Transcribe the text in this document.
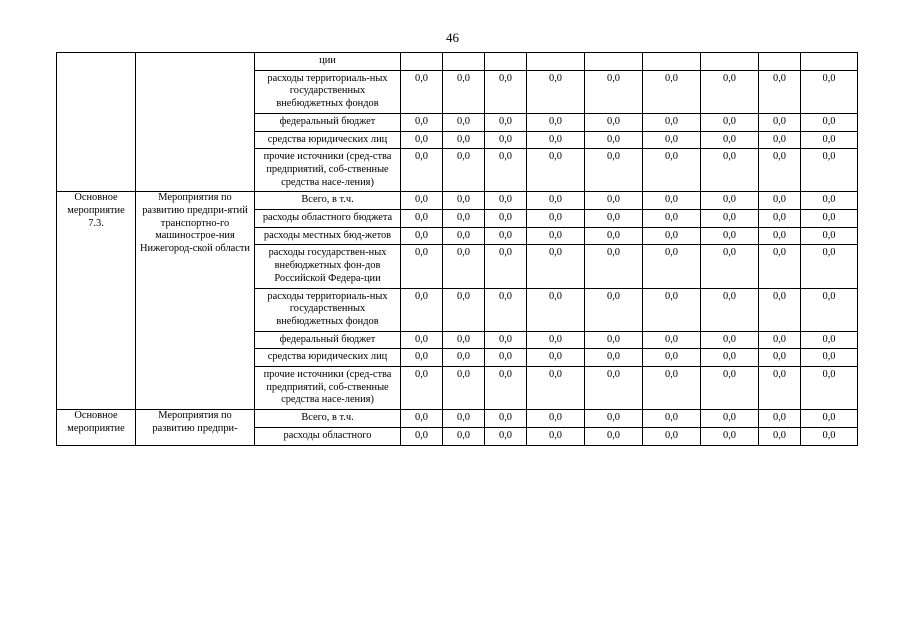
46
		ции									
		расходы территориаль-ных государственных внебюджетных фондов	0,0	0,0	0,0	0,0	0,0	0,0	0,0	0,0	0,0
		федеральный бюджет	0,0	0,0	0,0	0,0	0,0	0,0	0,0	0,0	0,0
		средства юридических лиц	0,0	0,0	0,0	0,0	0,0	0,0	0,0	0,0	0,0
		прочие источники (сред-ства предприятий, соб-ственные средства насе-ления)	0,0	0,0	0,0	0,0	0,0	0,0	0,0	0,0	0,0
Основное мероприятие 7.3.	Мероприятия по развитию предпри-ятий транспортно-го машинострое-ния Нижегород-ской области	Всего, в т.ч.	0,0	0,0	0,0	0,0	0,0	0,0	0,0	0,0	0,0
		расходы областного бюджета	0,0	0,0	0,0	0,0	0,0	0,0	0,0	0,0	0,0
		расходы местных бюд-жетов	0,0	0,0	0,0	0,0	0,0	0,0	0,0	0,0	0,0
		расходы государствен-ных внебюджетных фон-дов Российской Федера-ции	0,0	0,0	0,0	0,0	0,0	0,0	0,0	0,0	0,0
		расходы территориаль-ных государственных внебюджетных фондов	0,0	0,0	0,0	0,0	0,0	0,0	0,0	0,0	0,0
		федеральный бюджет	0,0	0,0	0,0	0,0	0,0	0,0	0,0	0,0	0,0
		средства юридических лиц	0,0	0,0	0,0	0,0	0,0	0,0	0,0	0,0	0,0
		прочие источники (сред-ства предприятий, соб-ственные средства насе-ления)	0,0	0,0	0,0	0,0	0,0	0,0	0,0	0,0	0,0
Основное мероприятие	Мероприятия по развитию предпри-	Всего, в т.ч.	0,0	0,0	0,0	0,0	0,0	0,0	0,0	0,0	0,0
		расходы областного	0,0	0,0	0,0	0,0	0,0	0,0	0,0	0,0	0,0
